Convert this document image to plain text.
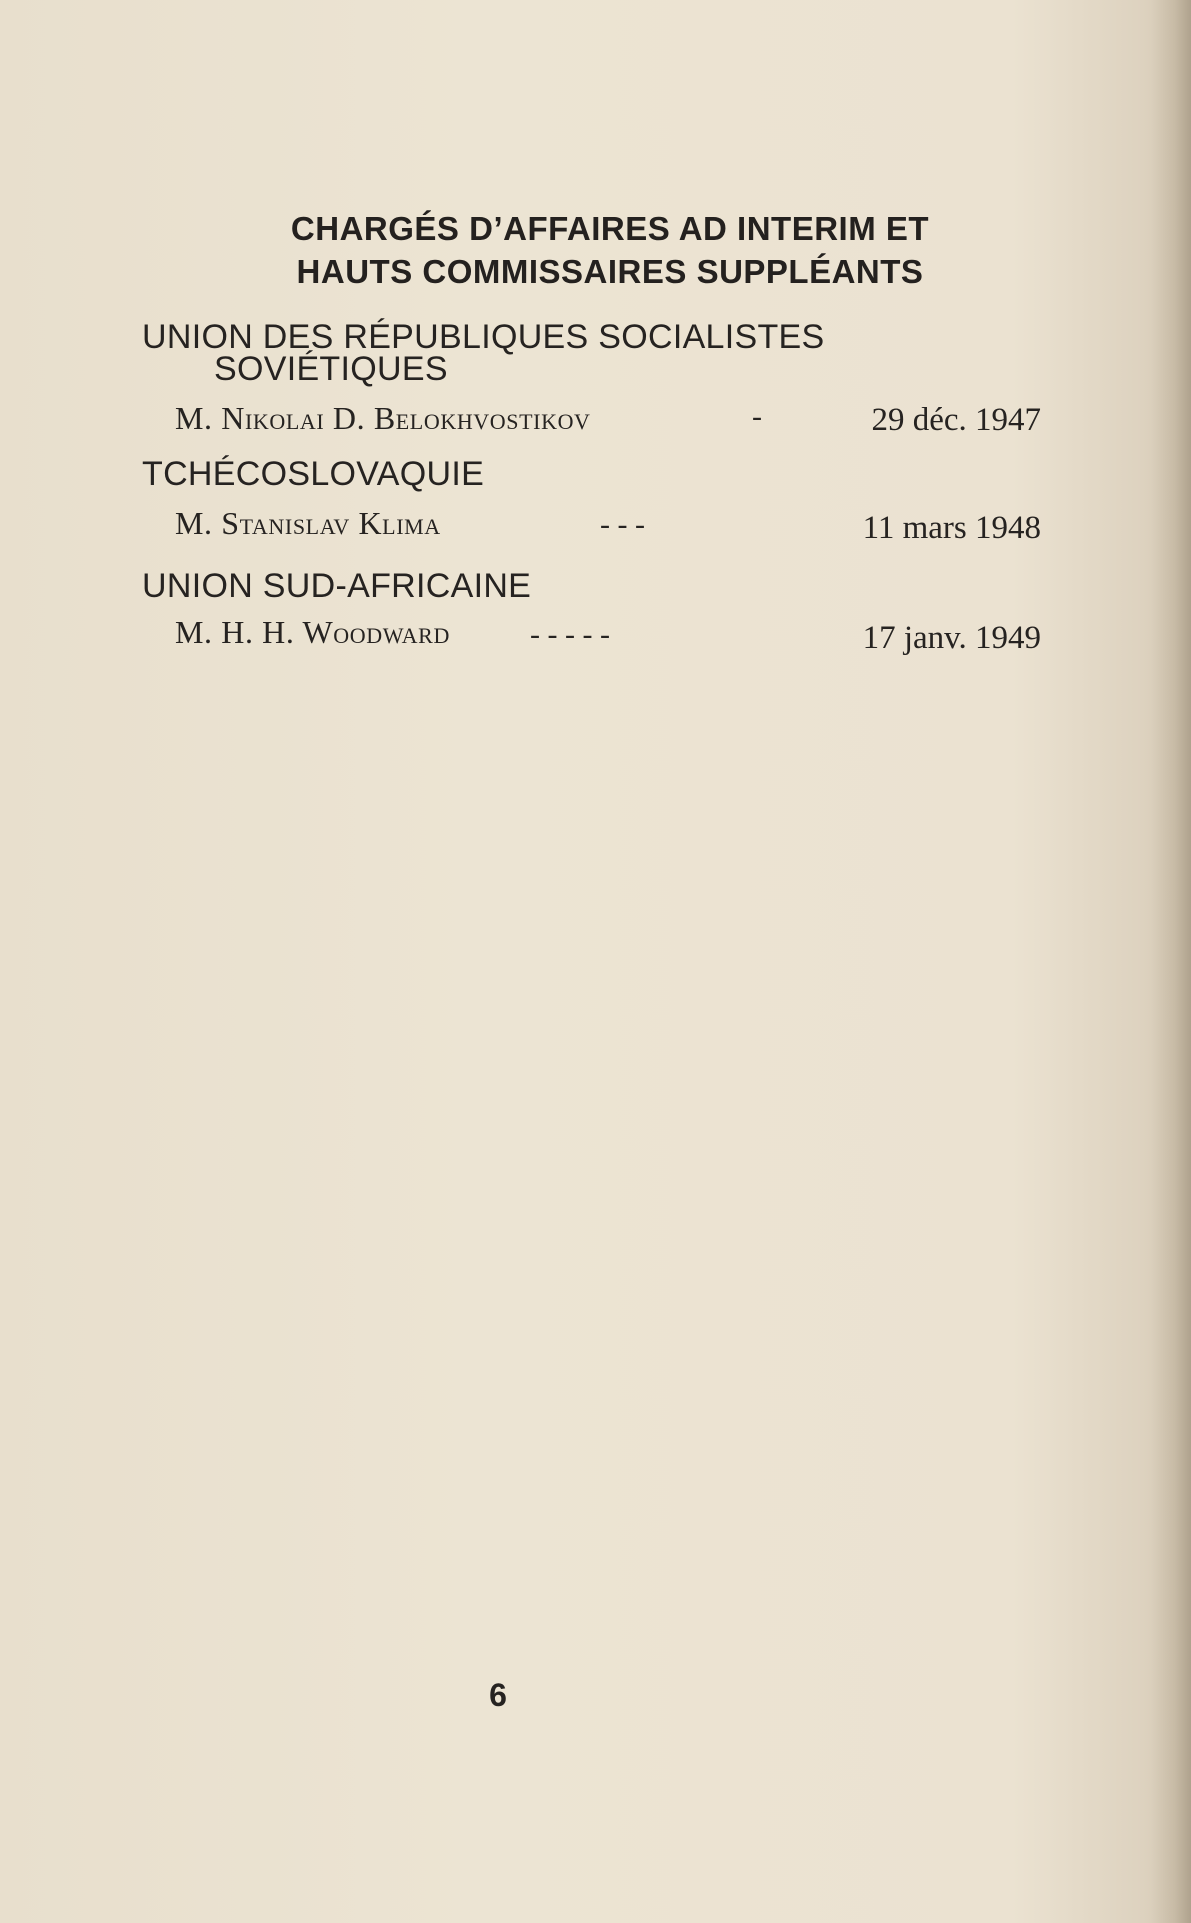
CHARGÉS D’AFFAIRES AD INTERIM ET
HAUTS COMMISSAIRES SUPPLÉANTS
UNION DES RÉPUBLIQUES SOCIALISTES
SOVIÉTIQUES
M. Nikolai D. Belokhvostikov	-	29 déc. 1947
TCHÉCOSLOVAQUIE
M. Stanislav Klima	- - -	11 mars 1948
UNION SUD-AFRICAINE
M. H. H. Woodward	- - - - -	17 janv. 1949
6
